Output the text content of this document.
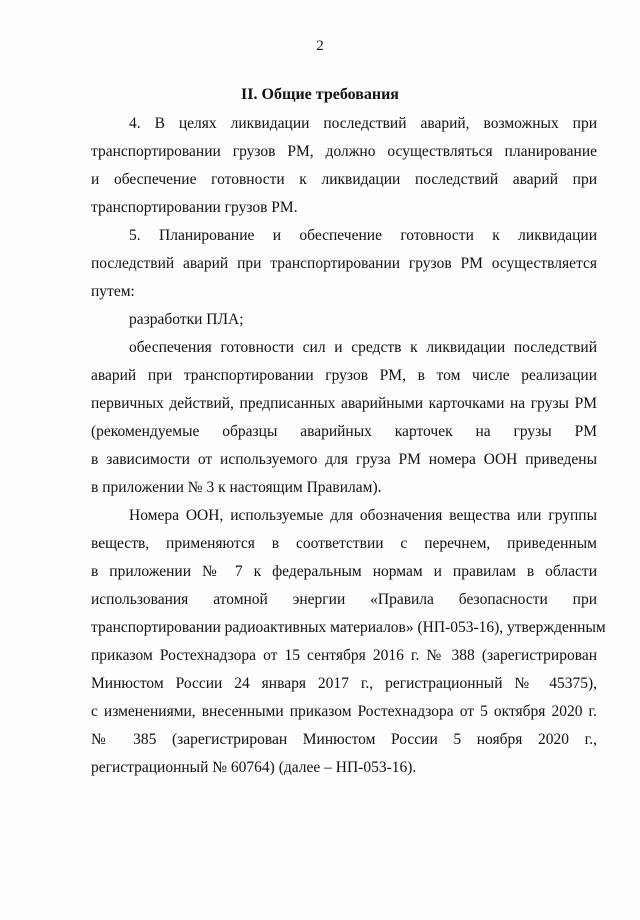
2
II. Общие требования
4. В целях ликвидации последствий аварий, возможных при
транспортировании грузов РМ, должно осуществляться планирование
и обеспечение готовности к ликвидации последствий аварий при
транспортировании грузов РМ.
5. Планирование и обеспечение готовности к ликвидации
последствий аварий при транспортировании грузов РМ осуществляется
путем:
разработки ПЛА;
обеспечения готовности сил и средств к ликвидации последствий
аварий при транспортировании грузов РМ, в том числе реализации
первичных действий, предписанных аварийными карточками на грузы РМ
(рекомендуемые образцы аварийных карточек на грузы РМ
в зависимости от используемого для груза РМ номера ООН приведены
в приложении № 3 к настоящим Правилам).
Номера ООН, используемые для обозначения вещества или группы
веществ, применяются в соответствии с перечнем, приведенным
в приложении № 7 к федеральным нормам и правилам в области
использования атомной энергии «Правила безопасности при
транспортировании радиоактивных материалов» (НП-053-16), утвержденным
приказом Ростехнадзора от 15 сентября 2016 г. № 388 (зарегистрирован
Минюстом России 24 января 2017 г., регистрационный № 45375),
с изменениями, внесенными приказом Ростехнадзора от 5 октября 2020 г.
№ 385 (зарегистрирован Минюстом России 5 ноября 2020 г.,
регистрационный № 60764) (далее – НП-053-16).
